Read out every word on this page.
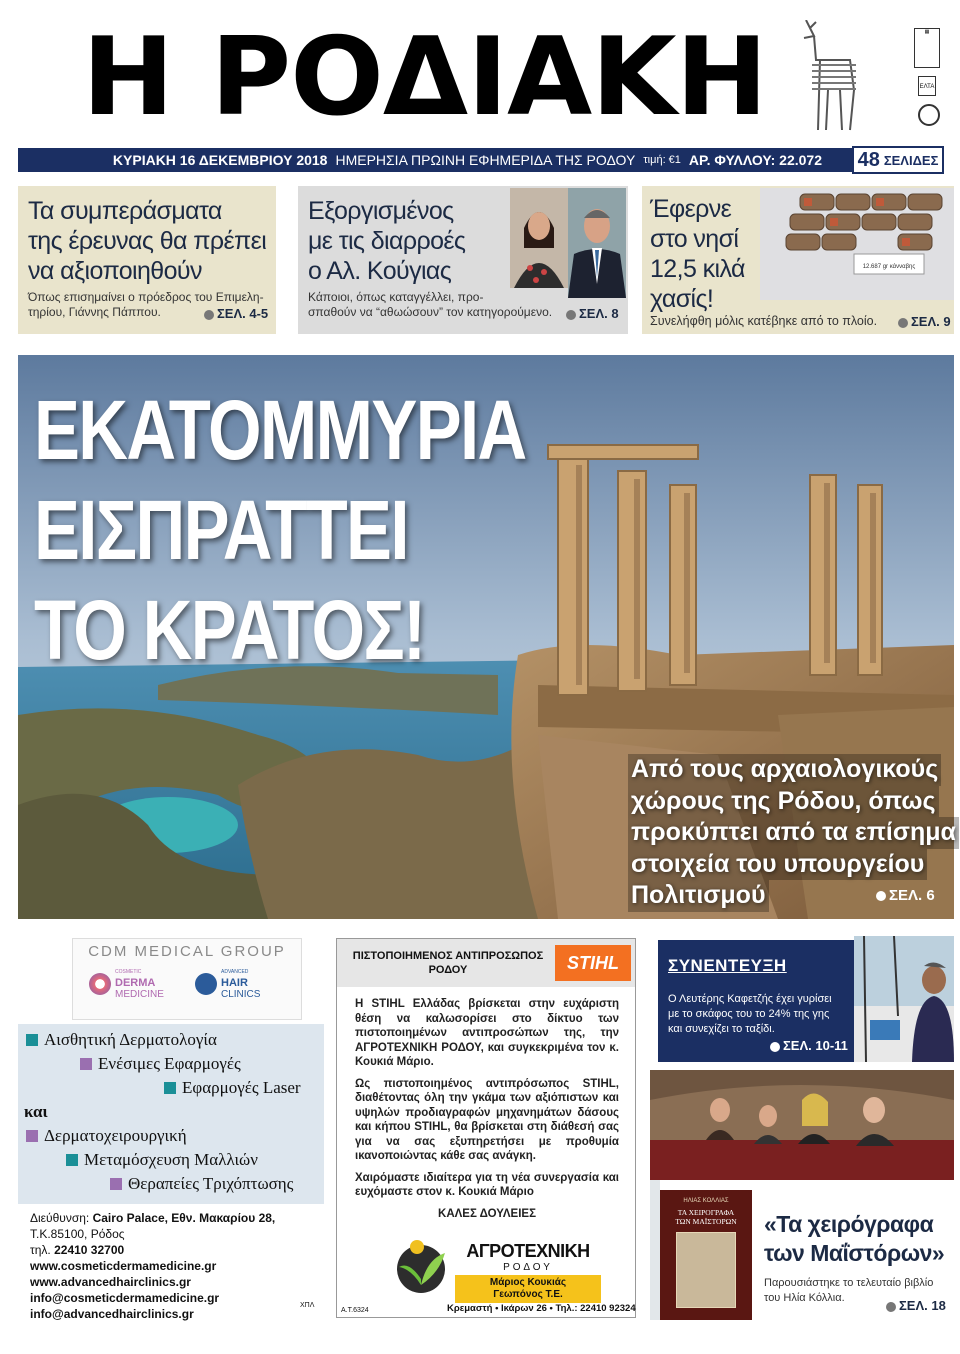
Η ΡΟΔΙΑΚΗ	▦
ΕΛΤΑ
ΚΥΡΙΑΚΗ 16 ΔΕΚΕΜΒΡΙΟΥ 2018 ΗΜΕΡΗΣΙΑ ΠΡΩΙΝΗ ΕΦΗΜΕΡΙΔΑ ΤΗΣ ΡΟΔΟΥ τιμή: €1 ΑΡ. ΦΥΛΛΟΥ: 22.072 48 ΣΕΛΙΔΕΣ
Τα συμπεράσματα
της έρευνας θα πρέπει
να αξιοποιηθούν
Όπως επισημαίνει ο πρόεδρος του Επιμελη-
τηρίου, Γιάννης Πάππου.	ΣΕΛ. 4-5
Εξοργισμένος
με τις διαρροές
ο Αλ. Κούγιας
Κάποιοι, όπως καταγγέλλει, προ-
σπαθούν να “αθωώσουν” τον κατηγορούμενο.	ΣΕΛ. 8
Έφερνε
στο νησί
12,5 κιλά
χασίς!
12.687 gr κάνναβης
Συνελήφθη μόλις κατέβηκε από το πλοίο.	ΣΕΛ. 9
ΕΚΑΤΟΜΜΥΡΙΑ
ΕΙΣΠΡΑΤΤΕΙ
ΤΟ ΚΡΑΤΟΣ!
Από τους αρχαιολογικούς
χώρους της Ρόδου, όπως
προκύπτει από τα επίσημα
στοιχεία του υπουργείου
Πολιτισμού	ΣΕΛ. 6
CDM MEDICAL GROUP
COSMETIC
DERMA
MEDICINE
ADVANCED
HAIR
CLINICS
Αισθητική Δερματολογία
Ενέσιμες Εφαρμογές
Εφαρμογές Laser
και
Δερματοχειρουργική
Μεταμόσχευση Μαλλιών
Θεραπείες Τριχόπτωσης
Διεύθυνση: Cairo Palace, Εθν. Μακαρίου 28,
Τ.Κ.85100, Ρόδος
τηλ. 22410 32700
www.cosmeticdermamedicine.gr
www.advancedhairclinics.gr
info@cosmeticdermamedicine.gr
info@advancedhairclinics.gr
ΧΠΛ
ΠΙΣΤΟΠΟΙΗΜΕΝΟΣ ΑΝΤΙΠΡΟΣΩΠΟΣ
ΡΟΔΟΥ	STIHL

Η STIHL Ελλάδας βρίσκεται στην ευχάριστη θέση να καλωσορίσει στο δίκτυο των πιστοποιημένων αντιπροσώπων της, την ΑΓΡΟΤΕΧΝΙΚΗ ΡΟΔΟΥ, και συγκεκριμένα τον κ. Κουκιά Μάριο.

Ως πιστοποιημένος αντιπρόσωπος STIHL, διαθέτοντας όλη την γκάμα των αξιόπιστων και υψηλών προδιαγραφών μηχανημάτων δάσους και κήπου STIHL, θα βρίσκεται στη διάθεσή σας για να σας εξυπηρετήσει με προθυμία ικανοποιώντας κάθε σας ανάγκη.

Χαιρόμαστε ιδιαίτερα για τη νέα συνεργασία και ευχόμαστε στον κ. Κουκιά Μάριο

ΚΑΛΕΣ ΔΟΥΛΕΙΕΣ

ΑΓΡΟΤΕΧΝΙΚΗ
ΡΟΔΟΥ
Μάριος Κουκιάς
Γεωπόνος Τ.Ε.
Κρεμαστή • Ικάρων 26 • Τηλ.: 22410 92324
Α.Τ.6324
ΣΥΝΕΝΤΕΥΞΗ
Ο Λευτέρης Καφετζής έχει γυρίσει
με το σκάφος του το 24% της γης
και συνεχίζει το ταξίδι.
ΣΕΛ. 10-11
ΗΛΙΑΣ ΚΟΛΛΙΑΣ
ΤΑ ΧΕΙΡΟΓΡΑΦΑ
ΤΩΝ ΜΑΪΣΤΟΡΩΝ	«Τα χειρόγραφα
των Μαΐστόρων»
Παρουσιάστηκε το τελευταίο βιβλίο
του Ηλία Κόλλια.	ΣΕΛ. 18
